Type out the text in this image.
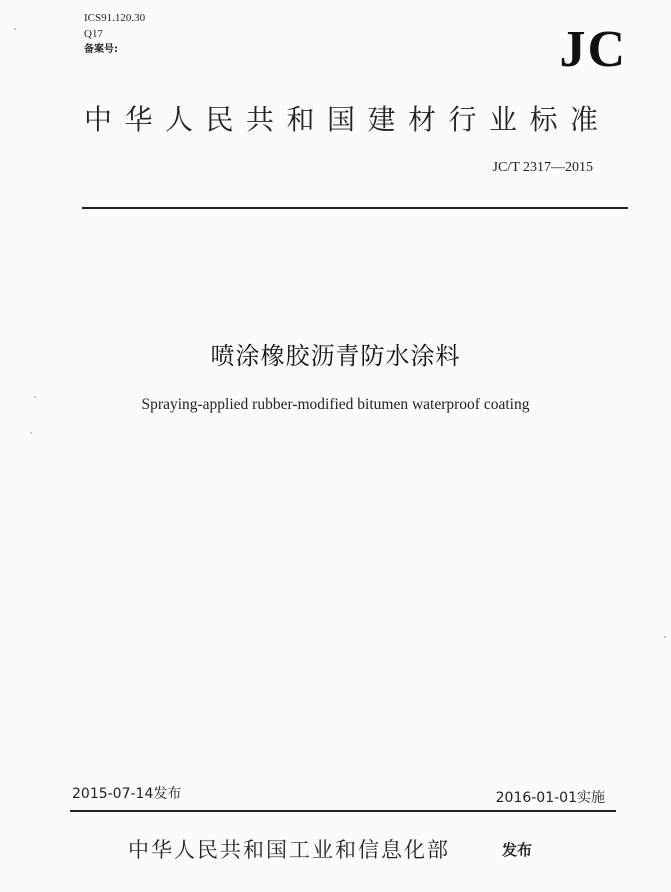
ICS91.120.30
Q17
备案号:	JC
中华人民共和国建材行业标准
JC/T 2317—2015
喷涂橡胶沥青防水涂料
Spraying-applied rubber-modified bitumen waterproof coating
2015-07-14发布	2016-01-01实施
中华人民共和国工业和信息化部	发布
